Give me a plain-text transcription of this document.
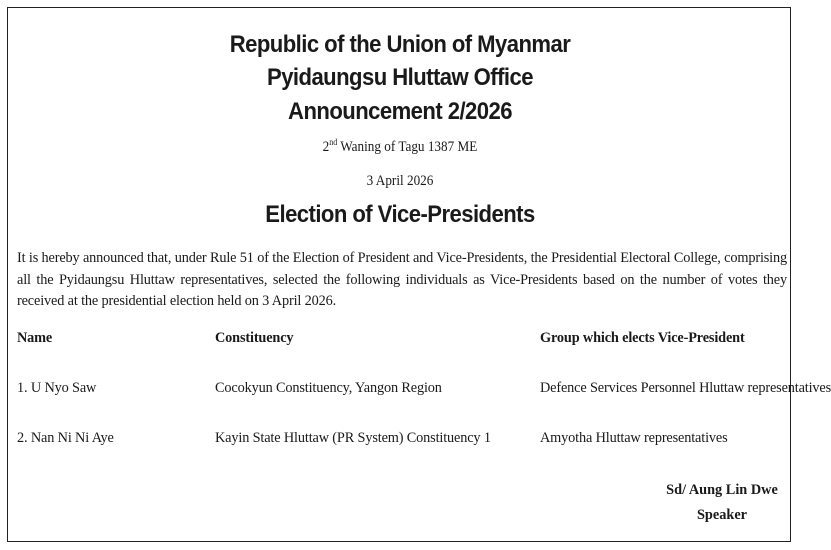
Republic of the Union of Myanmar
Pyidaungsu Hluttaw Office
Announcement 2/2026
2nd Waning of Tagu 1387 ME
3 April 2026
Election of Vice-Presidents
It is hereby announced that, under Rule 51 of the Election of President and Vice-Presidents, the Presidential Electoral College, comprising all the Pyidaungsu Hluttaw representatives, selected the following individuals as Vice-Presidents based on the number of votes they received at the presidential election held on 3 April 2026.
Name	Constituency	Group which elects Vice-President
1. U Nyo Saw	Cocokyun Constituency, Yangon Region	Defence Services Personnel Hluttaw representatives
2. Nan Ni Ni Aye	Kayin State Hluttaw (PR System) Constituency 1	Amyotha Hluttaw representatives
Sd/ Aung Lin Dwe
Speaker
